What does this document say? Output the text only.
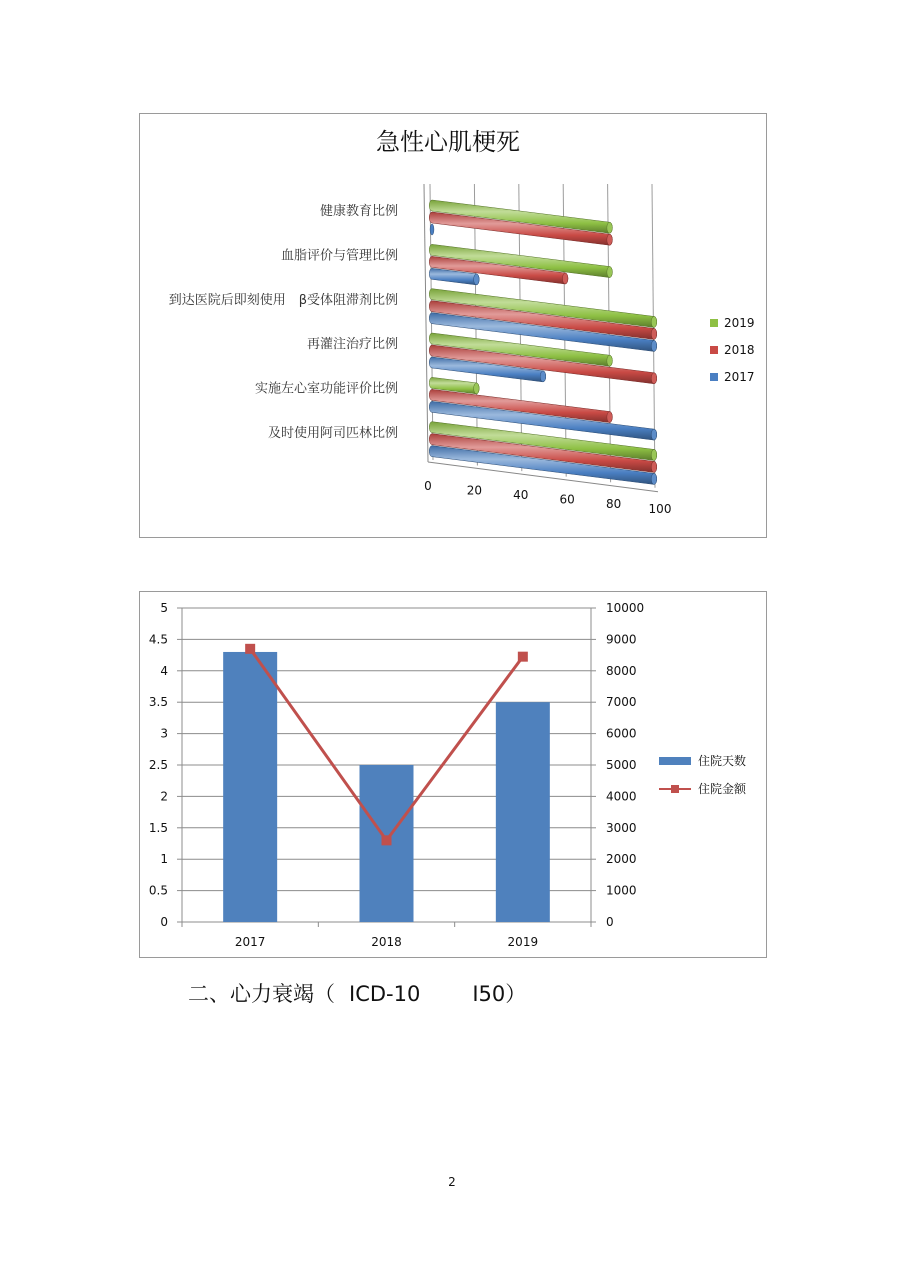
急性心肌梗死
健康教育比例
血脂评价与管理比例
到达医院后即刻使用　β受体阻滞剂比例
再灌注治疗比例
实施左心室功能评价比例
及时使用阿司匹林比例
0	20	40	60	80 100
2019
2018
2017
0
0.5
1
1.5
2
2.5
3
3.5
4
4.5
5
0
1000
2000
3000
4000
5000
6000
7000
8000
9000
10000
2017	2018	2019
住院天数
住院金额
二、心力衰竭（ ICD-10 I50）
2
